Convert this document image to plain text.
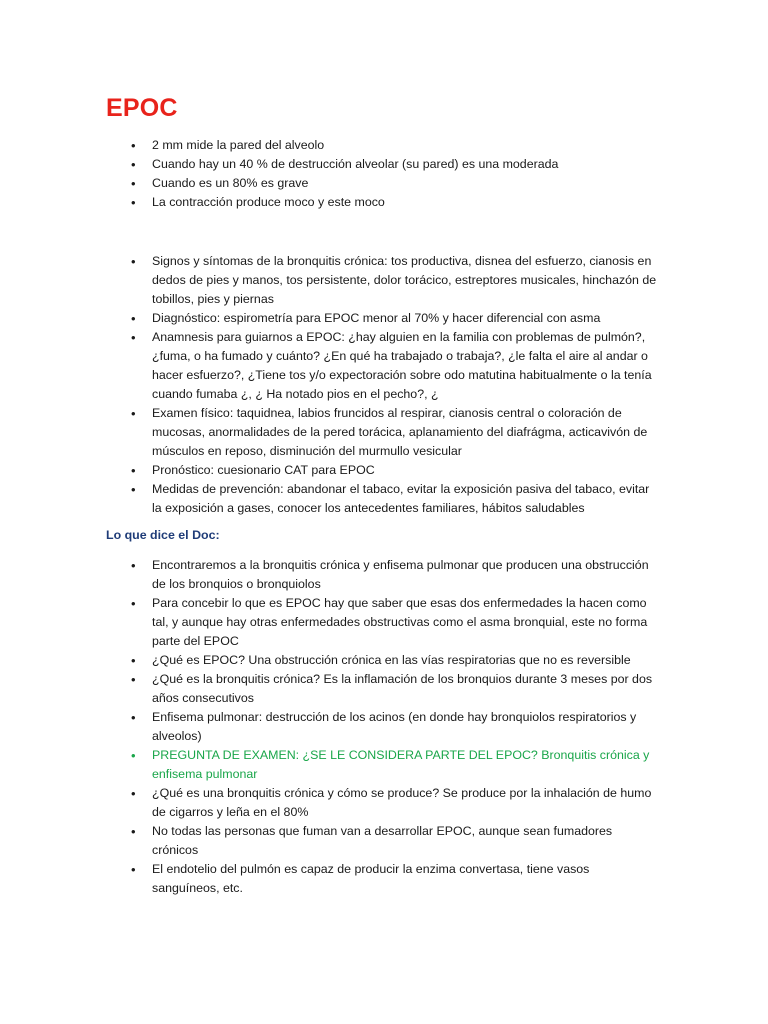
EPOC
• 2 mm mide la pared del alveolo
• Cuando hay un 40 % de destrucción alveolar (su pared) es una moderada
• Cuando es un 80% es grave
• La contracción produce moco y este moco
• Signos y síntomas de la bronquitis crónica: tos productiva, disnea del esfuerzo, cianosis en dedos de pies y manos, tos persistente, dolor torácico, estreptores musicales, hinchazón de tobillos, pies y piernas
• Diagnóstico: espirometría para EPOC menor al 70% y hacer diferencial con asma
• Anamnesis para guiarnos a EPOC: ¿hay alguien en la familia con problemas de pulmón?, ¿fuma, o ha fumado y cuánto? ¿En qué ha trabajado o trabaja?, ¿le falta el aire al andar o hacer esfuerzo?, ¿Tiene tos y/o expectoración sobre odo matutina habitualmente o la tenía cuando fumaba ¿, ¿ Ha notado pios en el pecho?, ¿
• Examen físico: taquidnea, labios fruncidos al respirar, cianosis central o coloración de mucosas, anormalidades de la pered torácica, aplanamiento del diafrágma, acticavivón de músculos en reposo, disminución del murmullo vesicular
• Pronóstico: cuesionario CAT para EPOC
• Medidas de prevención: abandonar el tabaco, evitar la exposición pasiva del tabaco, evitar la exposición a gases, conocer los antecedentes familiares, hábitos saludables
Lo que dice el Doc:
• Encontraremos a la bronquitis crónica y enfisema pulmonar que producen una obstrucción de los bronquios o bronquiolos
• Para concebir lo que es EPOC hay que saber que esas dos enfermedades la hacen como tal, y aunque hay otras enfermedades obstructivas como el asma bronquial, este no forma parte del EPOC
• ¿Qué es EPOC? Una obstrucción crónica en las vías respiratorias que no es reversible
• ¿Qué es la bronquitis crónica? Es la inflamación de los bronquios durante 3 meses por dos años consecutivos
• Enfisema pulmonar: destrucción de los acinos (en donde hay bronquiolos respiratorios y alveolos)
• PREGUNTA DE EXAMEN: ¿SE LE CONSIDERA PARTE DEL EPOC? Bronquitis crónica y enfisema pulmonar
• ¿Qué es una bronquitis crónica y cómo se produce? Se produce por la inhalación de humo de cigarros y leña en el 80%
• No todas las personas que fuman van a desarrollar EPOC, aunque sean fumadores crónicos
• El endotelio del pulmón es capaz de producir la enzima convertasa, tiene vasos sanguíneos, etc.
